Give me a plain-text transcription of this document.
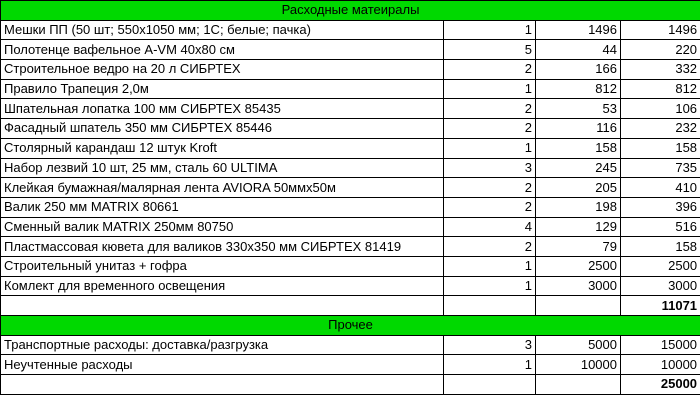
Расходные матеиралы			
Мешки ПП (50 шт; 550х1050 мм; 1С; белые; пачка)	1	1496	1496
Полотенце вафельное A-VM 40х80 см	5	44	220
Строительное ведро на 20 л СИБРТЕХ	2	166	332
Правило Трапеция 2,0м	1	812	812
Шпательная лопатка 100 мм СИБРТЕХ 85435	2	53	106
Фасадный шпатель 350 мм СИБРТЕХ 85446	2	116	232
Столярный карандаш 12 штук Kroft	1	158	158
Набор лезвий 10 шт, 25 мм, сталь 60 ULTIMA	3	245	735
Клейкая бумажная/малярная лента AVIORA 50ммх50м	2	205	410
Валик 250 мм MATRIX 80661	2	198	396
Сменный валик MATRIX 250мм 80750	4	129	516
Пластмассовая кювета для валиков 330х350 мм СИБРТЕХ 81419	2	79	158
Строительный унитаз + гофра	1	2500	2500
Комлект для временного освещения	1	3000	3000
			11071
Прочее			
Транспортные расходы: доставка/разгрузка	3	5000	15000
Неучтенные расходы	1	10000	10000
			25000
